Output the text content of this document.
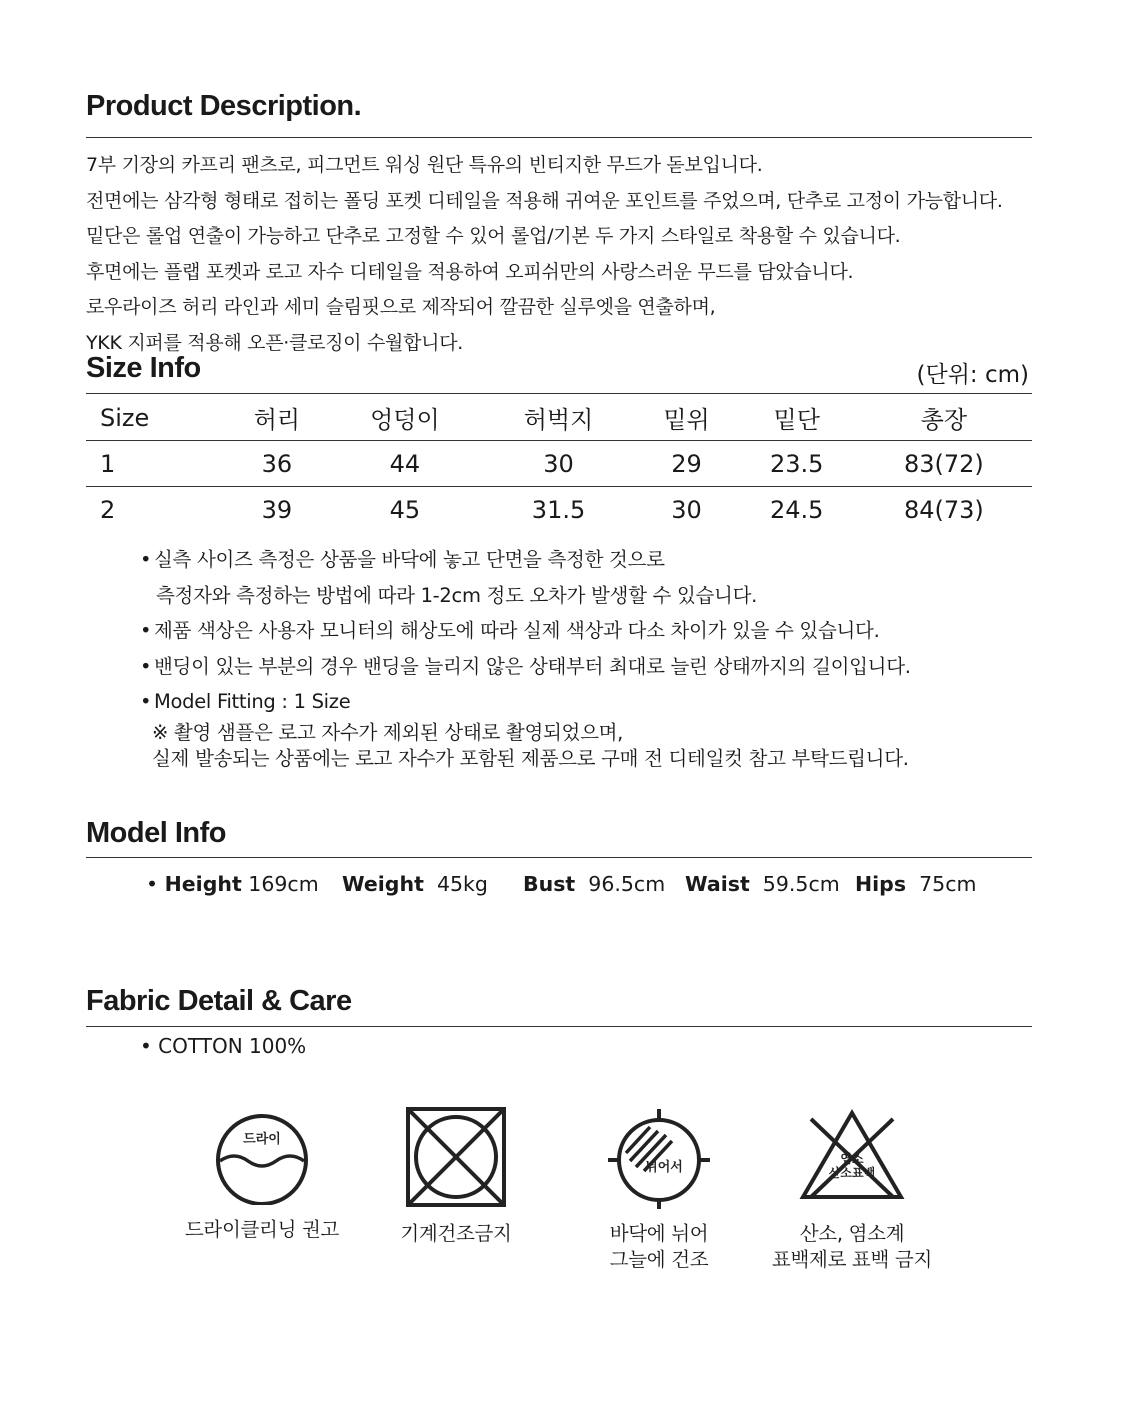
Product Description.

7부 기장의 카프리 팬츠로, 피그먼트 워싱 원단 특유의 빈티지한 무드가 돋보입니다.

전면에는 삼각형 형태로 접히는 폴딩 포켓 디테일을 적용해 귀여운 포인트를 주었으며, 단추로 고정이 가능합니다.

밑단은 롤업 연출이 가능하고 단추로 고정할 수 있어 롤업/기본 두 가지 스타일로 착용할 수 있습니다.

후면에는 플랩 포켓과 로고 자수 디테일을 적용하여 오피쉬만의 사랑스러운 무드를 담았습니다.

로우라이즈 허리 라인과 세미 슬림핏으로 제작되어 깔끔한 실루엣을 연출하며,

YKK 지퍼를 적용해 오픈·클로징이 수월합니다.

Size Info	(단위: cm)
Size	허리	엉덩이	허벅지	밑위	밑단	총장
1	36	44	30	29	23.5	83(72)
2	39	45	31.5	30	24.5	84(73)
• 실측 사이즈 측정은 상품을 바닥에 놓고 단면을 측정한 것으로
측정자와 측정하는 방법에 따라 1-2cm 정도 오차가 발생할 수 있습니다.
• 제품 색상은 사용자 모니터의 해상도에 따라 실제 색상과 다소 차이가 있을 수 있습니다.
• 밴딩이 있는 부분의 경우 밴딩을 늘리지 않은 상태부터 최대로 늘린 상태까지의 길이입니다.
• Model Fitting : 1 Size
※ 촬영 샘플은 로고 자수가 제외된 상태로 촬영되었으며,
실제 발송되는 상품에는 로고 자수가 포함된 제품으로 구매 전 디테일컷 참고 부탁드립니다.
Model Info
• Height 169cm Weight 45kg Bust 96.5cm Waist 59.5cm Hips 75cm
Fabric Detail & Care
• COTTON 100%
드라이
드라이클리닝 권고	기계건조금지
뉘어서
바닥에 뉘어
그늘에 건조
염소
산소표백
산소, 염소계
표백제로 표백 금지
